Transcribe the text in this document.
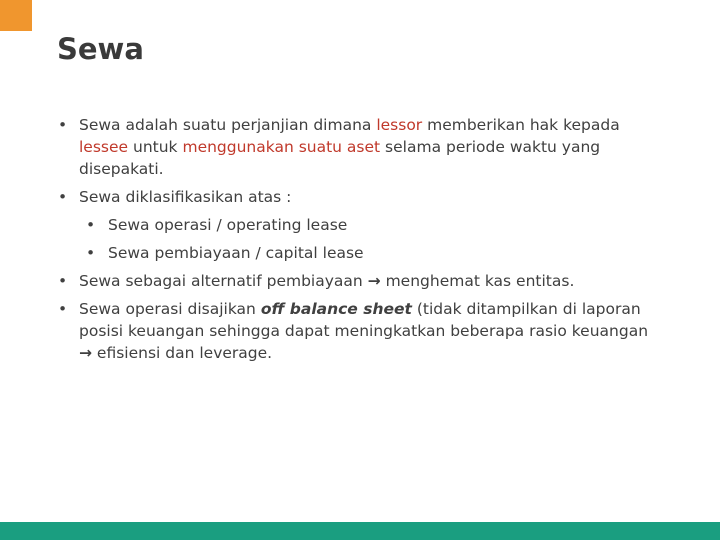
Sewa

• Sewa adalah suatu perjanjian dimana lessor memberikan hak kepada lessee untuk menggunakan suatu aset selama periode waktu yang disepakati.

• Sewa diklasifikasikan atas :

• Sewa operasi / operating lease

• Sewa pembiayaan / capital lease

• Sewa sebagai alternatif pembiayaan → menghemat kas entitas.

• Sewa operasi disajikan off balance sheet (tidak ditampilkan di laporan posisi keuangan sehingga dapat meningkatkan beberapa rasio keuangan → efisiensi dan leverage.
